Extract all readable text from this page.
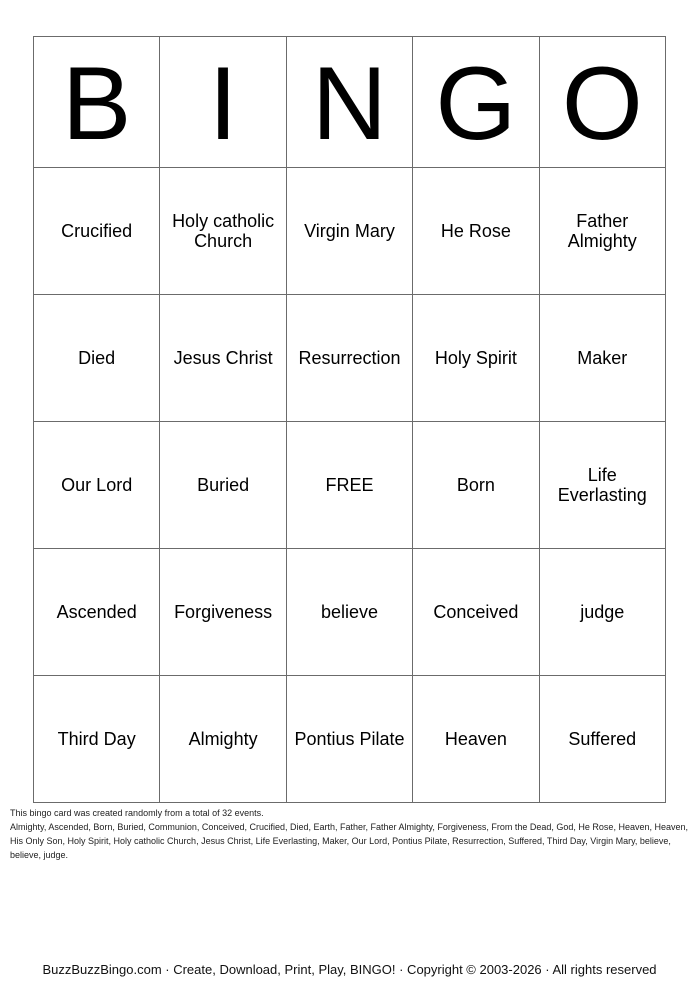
B	I	N	G	O
Crucified	Holy catholic Church	Virgin Mary	He Rose	Father Almighty
Died	Jesus Christ	Resurrection	Holy Spirit	Maker
Our Lord	Buried	FREE	Born	Life Everlasting
Ascended	Forgiveness	believe	Conceived	judge
Third Day	Almighty	Pontius Pilate	Heaven	Suffered
This bingo card was created randomly from a total of 32 events.
Almighty, Ascended, Born, Buried, Communion, Conceived, Crucified, Died, Earth, Father, Father Almighty, Forgiveness, From the Dead, God, He Rose, Heaven, Heaven, His Only Son, Holy Spirit, Holy catholic Church, Jesus Christ, Life Everlasting, Maker, Our Lord, Pontius Pilate, Resurrection, Suffered, Third Day, Virgin Mary, believe, believe, judge.
BuzzBuzzBingo.com · Create, Download, Print, Play, BINGO! · Copyright © 2003-2026 · All rights reserved
